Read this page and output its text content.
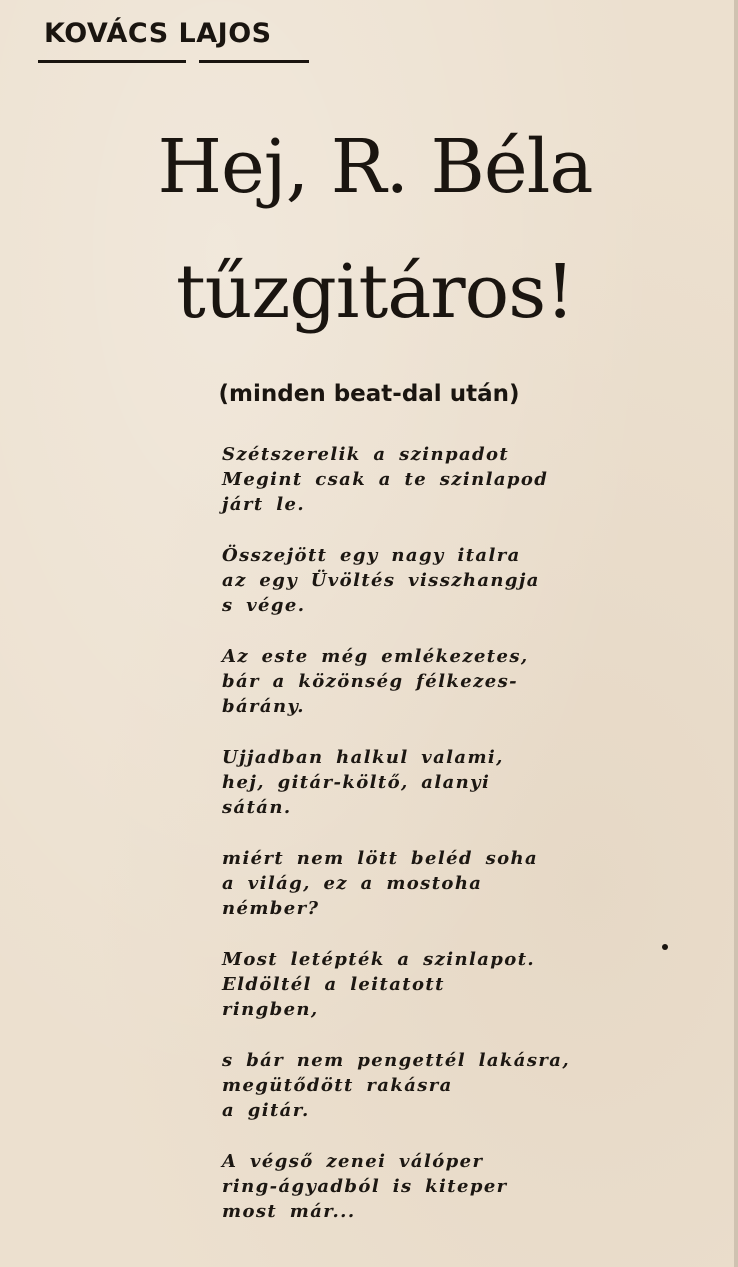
KOVÁCS LAJOS
Hej, R. Béla
tűzgitáros!
(minden beat-dal után)
Szétszerelik a szinpadot
Megint csak a te szinlapod
járt le.
Összejött egy nagy italra
az egy Üvöltés visszhangja
s vége.
Az este még emlékezetes,
bár a közönség félkezes-
bárány.
Ujjadban halkul valami,
hej, gitár-költő, alanyi
sátán.
miért nem lött beléd soha
a világ, ez a mostoha
némber?
Most letépték a szinlapot.
Eldöltél a leitatott
ringben,
s bár nem pengettél lakásra,
megütődött rakásra
a gitár.
A végső zenei válóper
ring-ágyadból is kiteper
most már...
